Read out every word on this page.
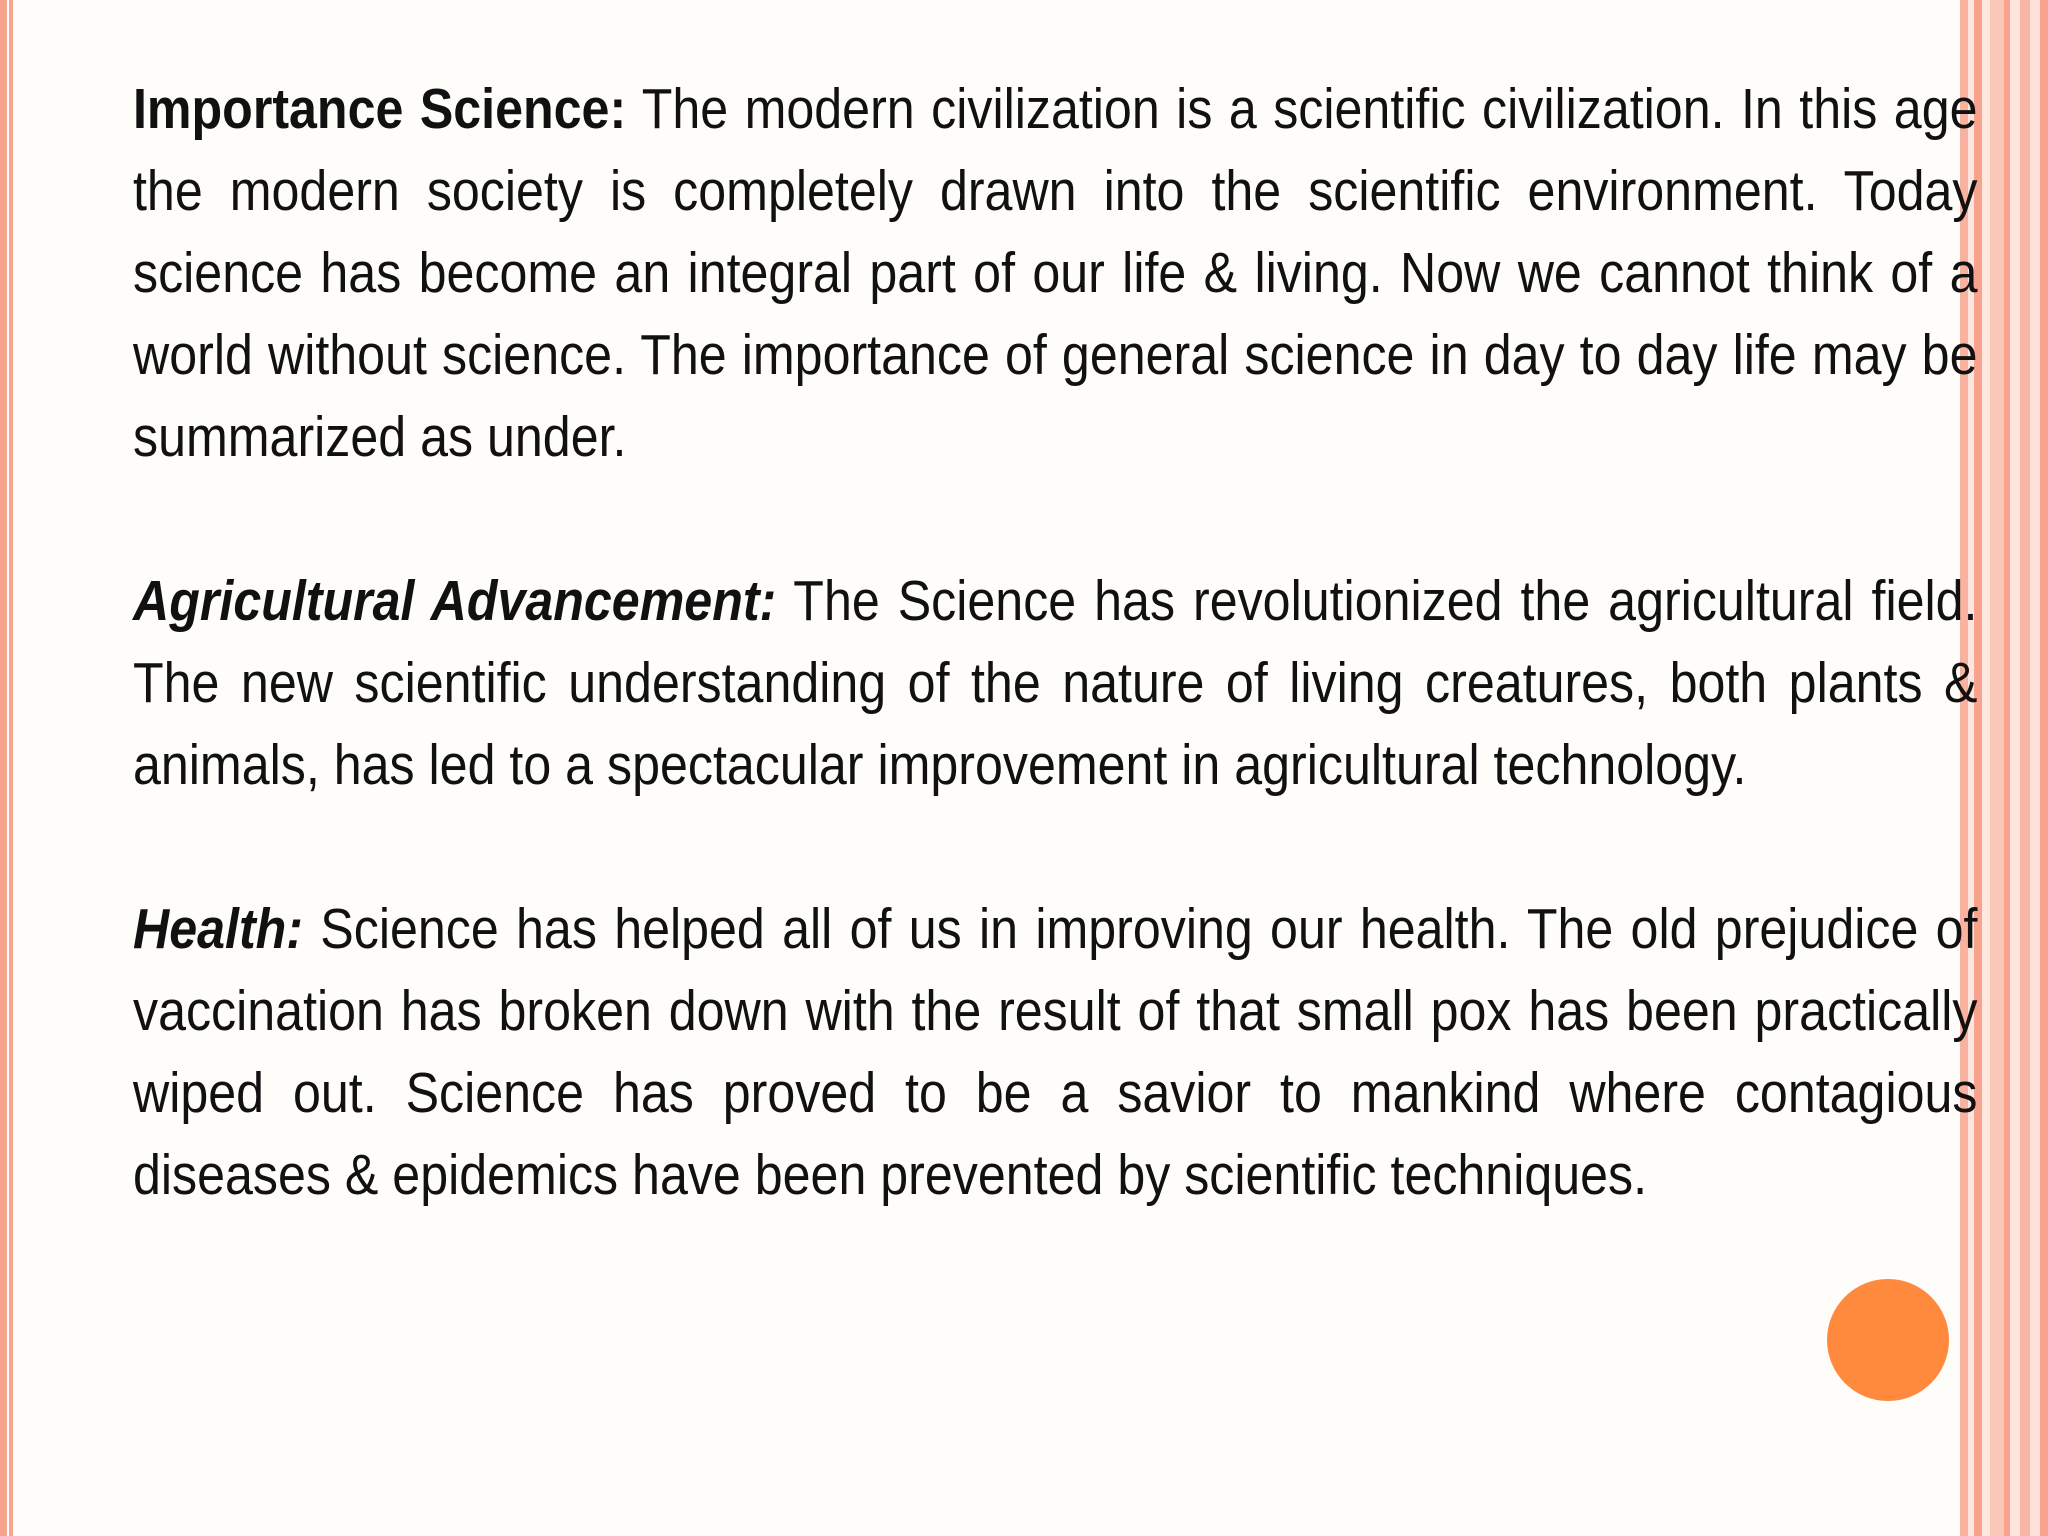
Importance Science: The modern civilization is a scientific civilization. In this age the modern society is completely drawn into the scientific environment. Today science has become an integral part of our life & living. Now we cannot think of a world without science. The importance of general science in day to day life may be summarized as under.

Agricultural Advancement: The Science has revolutionized the agricultural field. The new scientific understanding of the nature of living creatures, both plants & animals, has led to a spectacular improvement in agricultural technology.

Health: Science has helped all of us in improving our health. The old prejudice of vaccination has broken down with the result of that small pox has been practically wiped out. Science has proved to be a savior to mankind where contagious diseases & epidemics have been prevented by scientific techniques.
